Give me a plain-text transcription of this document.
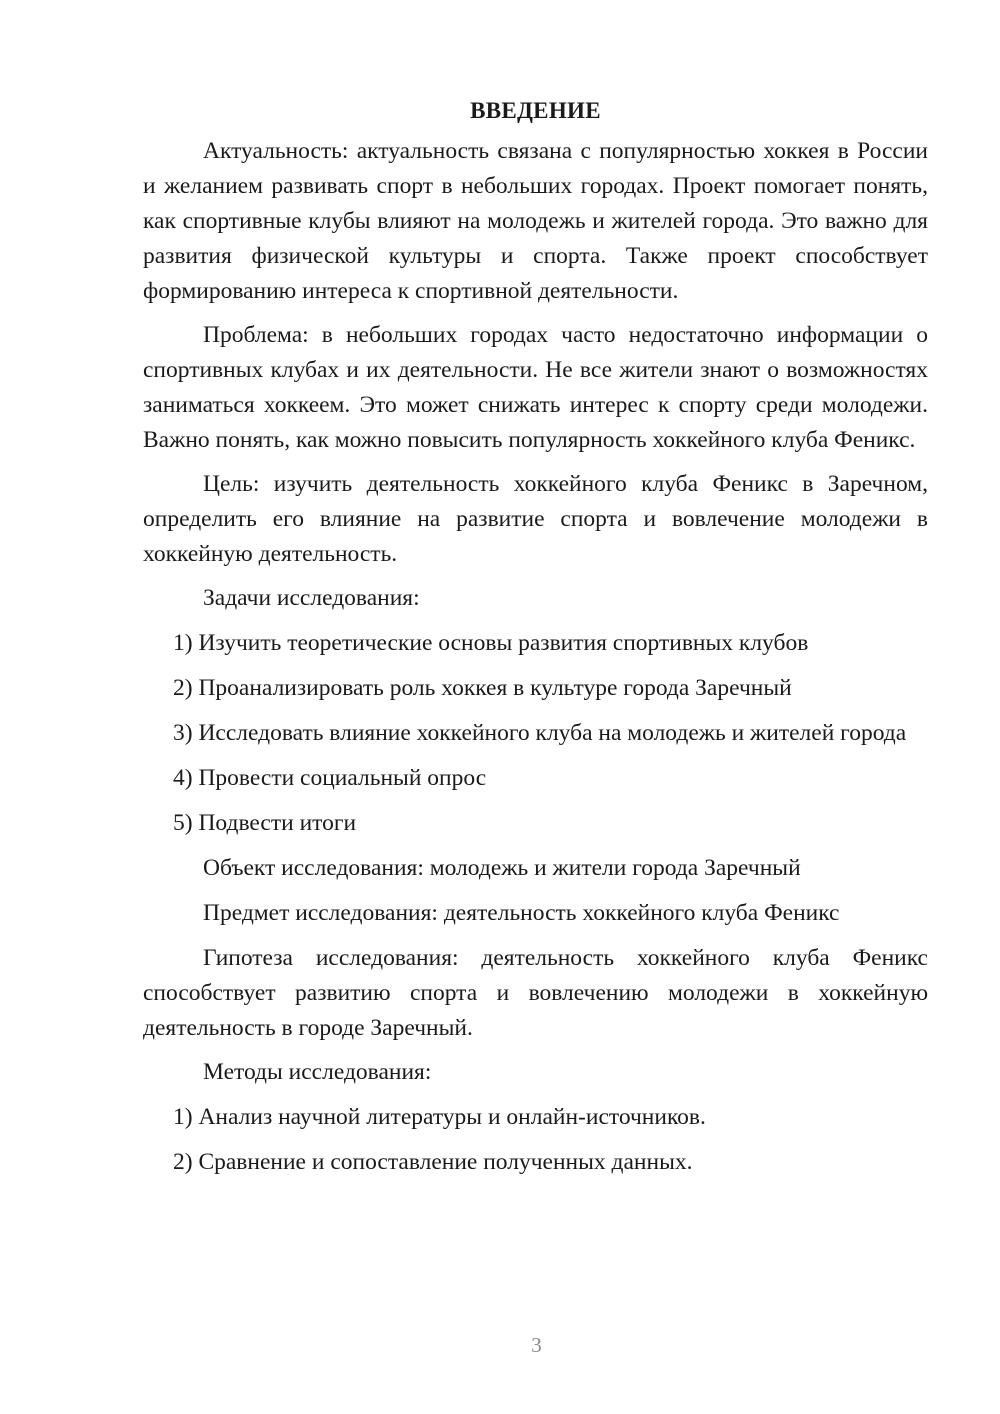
ВВЕДЕНИЕ

Актуальность: актуальность связана с популярностью хоккея в России и желанием развивать спорт в небольших городах. Проект помогает понять, как спортивные клубы влияют на молодежь и жителей города. Это важно для развития физической культуры и спорта. Также проект способствует формированию интереса к спортивной деятельности.

Проблема: в небольших городах часто недостаточно информации о спортивных клубах и их деятельности. Не все жители знают о возможностях заниматься хоккеем. Это может снижать интерес к спорту среди молодежи. Важно понять, как можно повысить популярность хоккейного клуба Феникс.

Цель: изучить деятельность хоккейного клуба Феникс в Заречном, определить его влияние на развитие спорта и вовлечение молодежи в хоккейную деятельность.

Задачи исследования:

1) Изучить теоретические основы развития спортивных клубов

2) Проанализировать роль хоккея в культуре города Заречный

3) Исследовать влияние хоккейного клуба на молодежь и жителей города

4) Провести социальный опрос

5) Подвести итоги

Объект исследования: молодежь и жители города Заречный

Предмет исследования: деятельность хоккейного клуба Феникс

Гипотеза исследования: деятельность хоккейного клуба Феникс способствует развитию спорта и вовлечению молодежи в хоккейную деятельность в городе Заречный.

Методы исследования:

1) Анализ научной литературы и онлайн-источников.

2) Сравнение и сопоставление полученных данных.

3
